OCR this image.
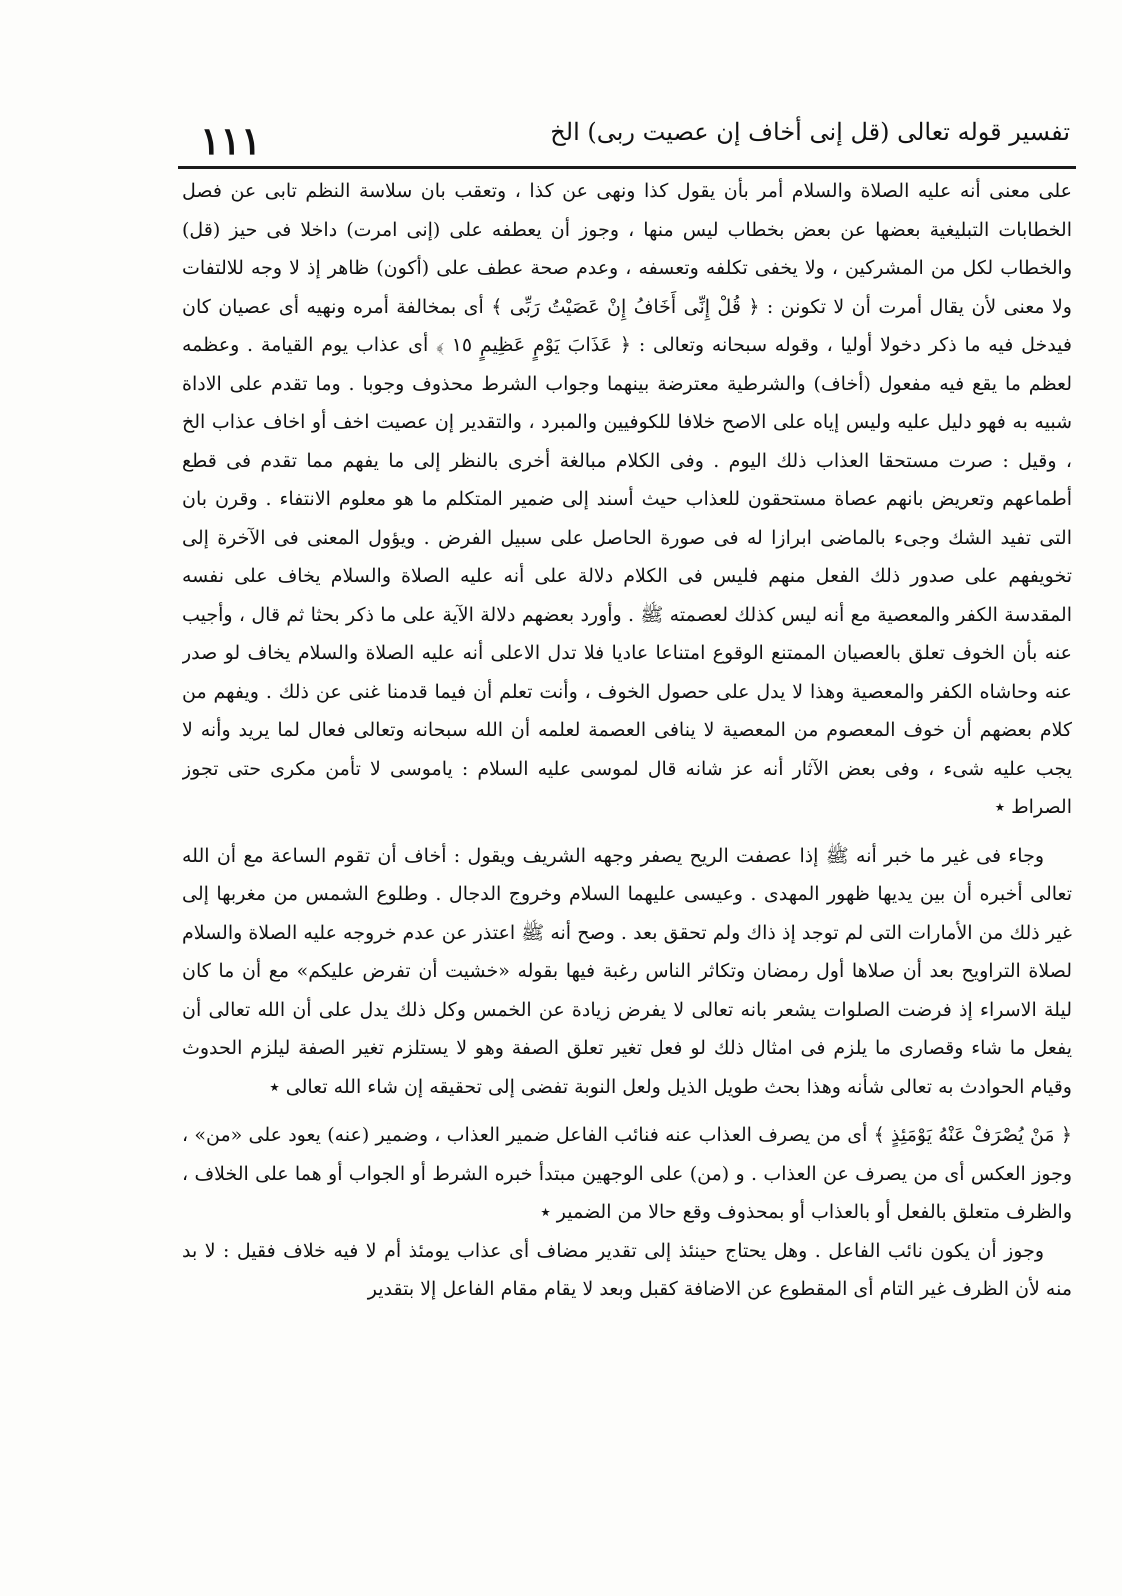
تفسير قوله تعالى (قل إنى أخاف إن عصيت ربى) الخ
١١١

على معنى أنه عليه الصلاة والسلام أمر بأن يقول كذا ونهى عن كذا ، وتعقب بان سلاسة النظم تابى عن فصل الخطابات التبليغية بعضها عن بعض بخطاب ليس منها ، وجوز أن يعطفه على (إنى امرت) داخلا فى حيز (قل) والخطاب لكل من المشركين ، ولا يخفى تكلفه وتعسفه ، وعدم صحة عطف على (أكون) ظاهر إذ لا وجه للالتفات ولا معنى لأن يقال أمرت أن لا تكونن : ﴿ قُلْ إِنِّى أَخَافُ إِنْ عَصَيْتُ رَبِّى ﴾ أى بمخالفة أمره ونهيه أى عصيان كان فيدخل فيه ما ذكر دخولا أوليا ، وقوله سبحانه وتعالى : ﴿ عَذَابَ يَوْمٍ عَظِيمٍ ١٥ ﴾ أى عذاب يوم القيامة . وعظمه لعظم ما يقع فيه مفعول (أخاف) والشرطية معترضة بينهما وجواب الشرط محذوف وجوبا . وما تقدم على الاداة شبيه به فهو دليل عليه وليس إياه على الاصح خلافا للكوفيين والمبرد ، والتقدير إن عصيت اخف أو اخاف عذاب الخ ، وقيل : صرت مستحقا العذاب ذلك اليوم . وفى الكلام مبالغة أخرى بالنظر إلى ما يفهم مما تقدم فى قطع أطماعهم وتعريض بانهم عصاة مستحقون للعذاب حيث أسند إلى ضمير المتكلم ما هو معلوم الانتفاء . وقرن بان التى تفيد الشك وجىء بالماضى ابرازا له فى صورة الحاصل على سبيل الفرض . ويؤول المعنى فى الآخرة إلى تخويفهم على صدور ذلك الفعل منهم فليس فى الكلام دلالة على أنه عليه الصلاة والسلام يخاف على نفسه المقدسة الكفر والمعصية مع أنه ليس كذلك لعصمته ﷺ . وأورد بعضهم دلالة الآية على ما ذكر بحثا ثم قال ، وأجيب عنه بأن الخوف تعلق بالعصيان الممتنع الوقوع امتناعا عاديا فلا تدل الاعلى أنه عليه الصلاة والسلام يخاف لو صدر عنه وحاشاه الكفر والمعصية وهذا لا يدل على حصول الخوف ، وأنت تعلم أن فيما قدمنا غنى عن ذلك . ويفهم من كلام بعضهم أن خوف المعصوم من المعصية لا ينافى العصمة لعلمه أن الله سبحانه وتعالى فعال لما يريد وأنه لا يجب عليه شىء ، وفى بعض الآثار أنه عز شانه قال لموسى عليه السلام : ياموسى لا تأمن مكرى حتى تجوز الصراط ٭

وجاء فى غير ما خبر أنه ﷺ إذا عصفت الريح يصفر وجهه الشريف ويقول : أخاف أن تقوم الساعة مع أن الله تعالى أخبره أن بين يديها ظهور المهدى . وعيسى عليهما السلام وخروج الدجال . وطلوع الشمس من مغربها إلى غير ذلك من الأمارات التى لم توجد إذ ذاك ولم تحقق بعد . وصح أنه ﷺ اعتذر عن عدم خروجه عليه الصلاة والسلام لصلاة التراويح بعد أن صلاها أول رمضان وتكاثر الناس رغبة فيها بقوله «خشيت أن تفرض عليكم» مع أن ما كان ليلة الاسراء إذ فرضت الصلوات يشعر بانه تعالى لا يفرض زيادة عن الخمس وكل ذلك يدل على أن الله تعالى أن يفعل ما شاء وقصارى ما يلزم فى امثال ذلك لو فعل تغير تعلق الصفة وهو لا يستلزم تغير الصفة ليلزم الحدوث وقيام الحوادث به تعالى شأنه وهذا بحث طويل الذيل ولعل النوبة تفضى إلى تحقيقه إن شاء الله تعالى ٭

﴿ مَنْ يُصْرَفْ عَنْهُ يَوْمَئِذٍ ﴾ أى من يصرف العذاب عنه فنائب الفاعل ضمير العذاب ، وضمير (عنه) يعود على «من» ، وجوز العكس أى من يصرف عن العذاب . و (من) على الوجهين مبتدأ خبره الشرط أو الجواب أو هما على الخلاف ، والظرف متعلق بالفعل أو بالعذاب أو بمحذوف وقع حالا من الضمير ٭

وجوز أن يكون نائب الفاعل . وهل يحتاج حينئذ إلى تقدير مضاف أى عذاب يومئذ أم لا فيه خلاف فقيل : لا بد منه لأن الظرف غير التام أى المقطوع عن الاضافة كقبل وبعد لا يقام مقام الفاعل إلا بتقدير
